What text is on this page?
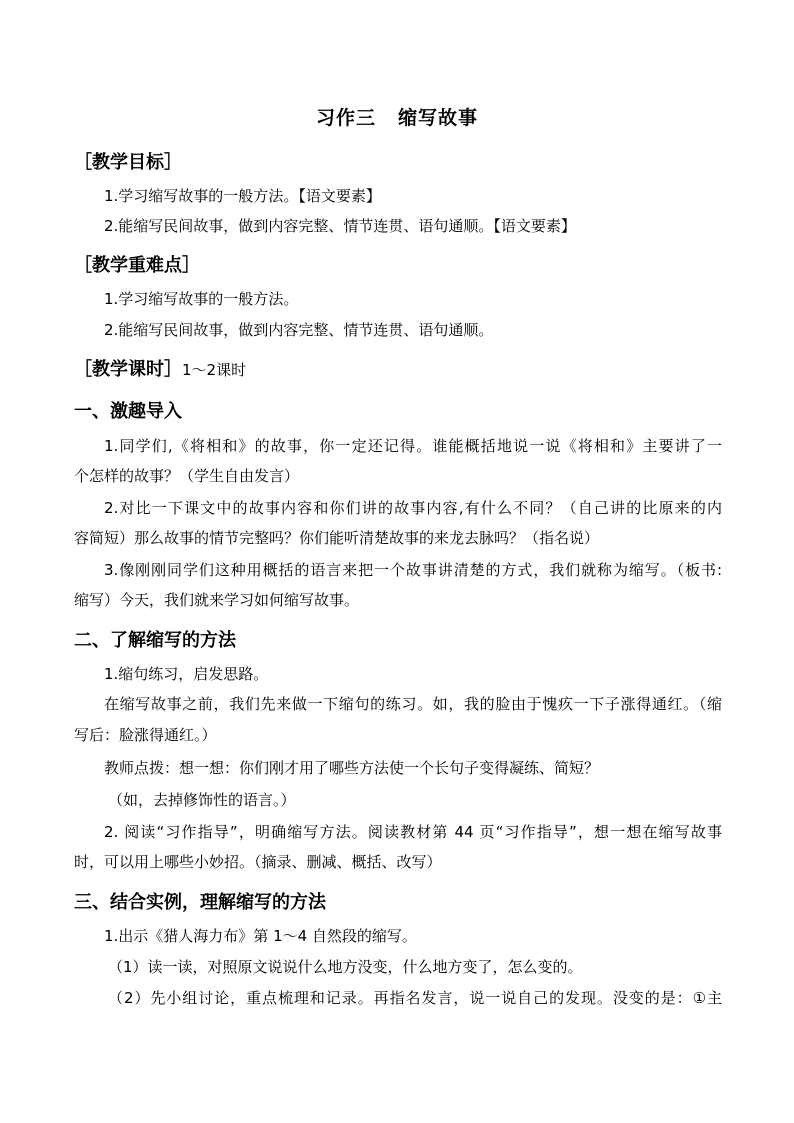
习作三 缩写故事
［教学目标］
1.学习缩写故事的一般方法。【语文要素】
2.能缩写民间故事，做到内容完整、情节连贯、语句通顺。【语文要素】
［教学重难点］
1.学习缩写故事的一般方法。
2.能缩写民间故事，做到内容完整、情节连贯、语句通顺。
［教学课时］1～2课时
一、激趣导入
1.同学们,《将相和》的故事，你一定还记得。谁能概括地说一说《将相和》主要讲了一
个怎样的故事？（学生自由发言）
2.对比一下课文中的故事内容和你们讲的故事内容,有什么不同？（自己讲的比原来的内
容简短）那么故事的情节完整吗？你们能听清楚故事的来龙去脉吗？（指名说）
3.像刚刚同学们这种用概括的语言来把一个故事讲清楚的方式，我们就称为缩写。（板书:
缩写）今天，我们就来学习如何缩写故事。
二、了解缩写的方法
1.缩句练习，启发思路。
在缩写故事之前，我们先来做一下缩句的练习。如，我的脸由于愧疚一下子涨得通红。（缩
写后：脸涨得通红。）
教师点拨：想一想：你们刚才用了哪些方法使一个长句子变得凝练、简短？
（如，去掉修饰性的语言。）
2. 阅读“习作指导”，明确缩写方法。阅读教材第 44 页“习作指导”，想一想在缩写故事
时，可以用上哪些小妙招。（摘录、删减、概括、改写）
三、结合实例，理解缩写的方法
1.出示《猎人海力布》第 1～4 自然段的缩写。
（1）读一读，对照原文说说什么地方没变，什么地方变了，怎么变的。
（2）先小组讨论，重点梳理和记录。再指名发言，说一说自己的发现。没变的是：①主
